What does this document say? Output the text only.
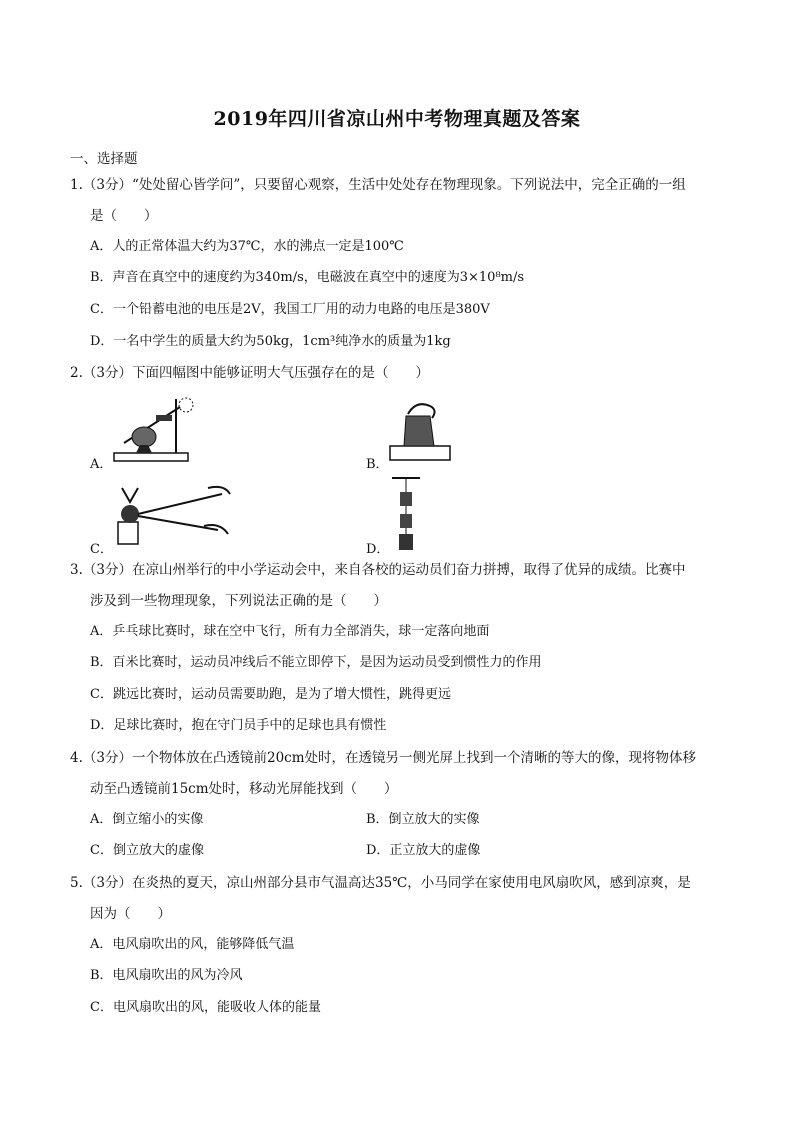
2019年四川省凉山州中考物理真题及答案
一、选择题
1.（3分）“处处留心皆学问”，只要留心观察，生活中处处存在物理现象。下列说法中，完全正确的一组
是（　　）
A．人的正常体温大约为37℃，水的沸点一定是100℃
B．声音在真空中的速度约为340m/s，电磁波在真空中的速度为3×10⁸m/s
C．一个铅蓄电池的电压是2V，我国工厂用的动力电路的电压是380V
D．一名中学生的质量大约为50kg，1cm³纯净水的质量为1kg
2.（3分）下面四幅图中能够证明大气压强存在的是（　　）
A．	B．
C．	D．
3.（3分）在凉山州举行的中小学运动会中，来自各校的运动员们奋力拼搏，取得了优异的成绩。比赛中
涉及到一些物理现象，下列说法正确的是（　　）
A．乒乓球比赛时，球在空中飞行，所有力全部消失，球一定落向地面
B．百米比赛时，运动员冲线后不能立即停下，是因为运动员受到惯性力的作用
C．跳远比赛时，运动员需要助跑，是为了增大惯性，跳得更远
D．足球比赛时，抱在守门员手中的足球也具有惯性
4.（3分）一个物体放在凸透镜前20cm处时，在透镜另一侧光屏上找到一个清晰的等大的像，现将物体移
动至凸透镜前15cm处时，移动光屏能找到（　　）
A．倒立缩小的实像	B．倒立放大的实像
C．倒立放大的虚像	D．正立放大的虚像
5.（3分）在炎热的夏天，凉山州部分县市气温高达35℃，小马同学在家使用电风扇吹风，感到凉爽，是
因为（　　）
A．电风扇吹出的风，能够降低气温
B．电风扇吹出的风为冷风
C．电风扇吹出的风，能吸收人体的能量
